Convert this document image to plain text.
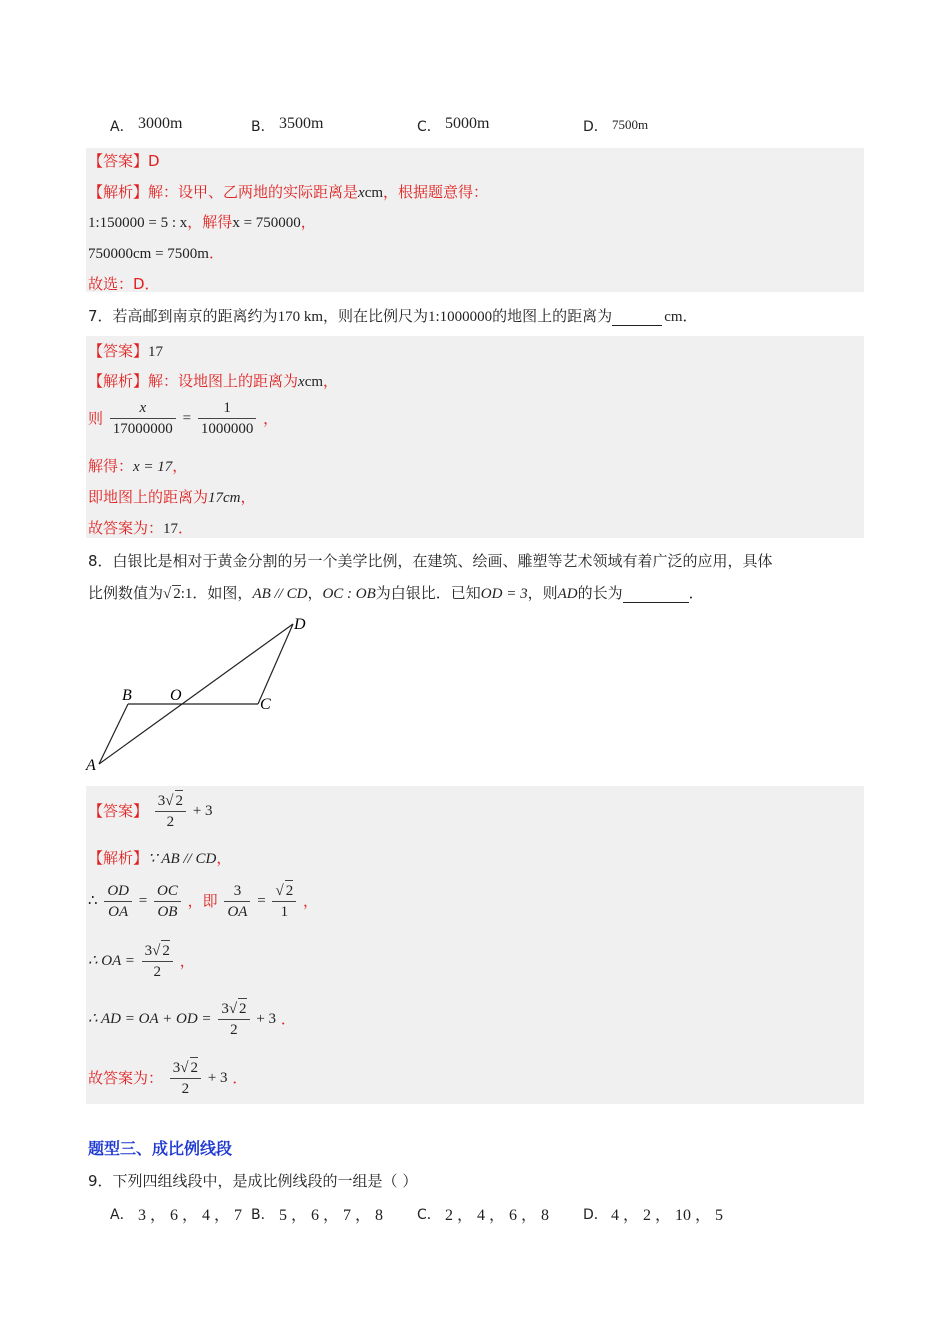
A． 3000m	B． 3500m	C． 5000m	D． 7500m
【答案】D
【解析】解：设甲、乙两地的实际距离是xcm，根据题意得：
1:150000 = 5 : x，解得x = 750000，
750000cm = 7500m．
故选：D．
7．若高邮到南京的距离约为170 km，则在比例尺为1:1000000的地图上的距离为	cm．
【答案】17
【解析】解：设地图上的距离为xcm，
则 $\frac{x}{17000000} = \frac{1}{1000000}$ ，
解得：x = 17，
即地图上的距离为17cm，
故答案为：17．
8．白银比是相对于黄金分割的另一个美学比例，在建筑、绘画、雕塑等艺术领域有着广泛的应用，具体
比例数值为√ 2:1．如图，AB // CD，OC : OB为白银比．已知OD = 3，则AD的长为	．
A
B O
C
D
【答案】 $\frac{3√ 2}{2} + 3$
【解析】∵ AB // CD，
∴ $\frac{OD}{OA} = \frac{OC}{OB}$ ，即 $\frac{3}{OA} = \frac{√ 2}{1}$ ，
∴ OA = $\frac{3√ 2}{2}$ ，
∴ AD = OA + OD = $\frac{3√ 2}{2} + 3$ ．
故答案为： $\frac{3√ 2}{2} + 3$ ．
题型三、成比例线段
9．下列四组线段中，是成比例线段的一组是（ ）
A． 3 ， 6 ， 4 ， 7 B． 5 ， 6 ， 7 ， 8 C． 2 ， 4 ， 6 ， 8 D． 4 ， 2 ， 10 ， 5
